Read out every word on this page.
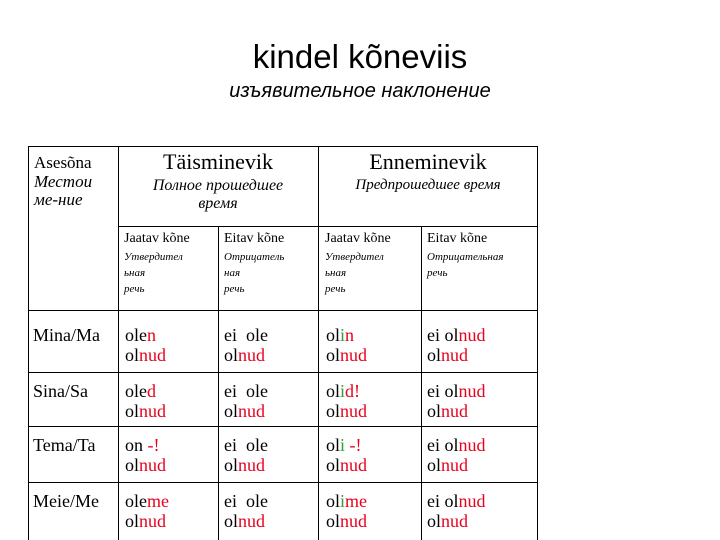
kindel kõneviis
изъявительное наклонение
Asesõna
Местои
ме-ние
Täisminevik
Полное прошедшее
время
Enneminevik
Предпрошедшее время
Jaatav kõne Eitav kõne	Jaatav kõne	Eitav kõne
Утвердител
ьная
речь
Отрицатель
ная
речь
Утвердител
ьная
речь
Отрицательная
речь
Mina/Ma olen
olnud
ei  ole
olnud
olin
olnud
ei olnud
olnud
Sina/Sa oled
olnud
ei  ole
olnud
olid!
olnud
ei olnud
olnud
Tema/Ta on -!
olnud
ei  ole
olnud
oli -!
olnud
ei olnud
olnud
Meie/Me oleme
olnud
ei  ole
olnud
olime
olnud
ei olnud
olnud
